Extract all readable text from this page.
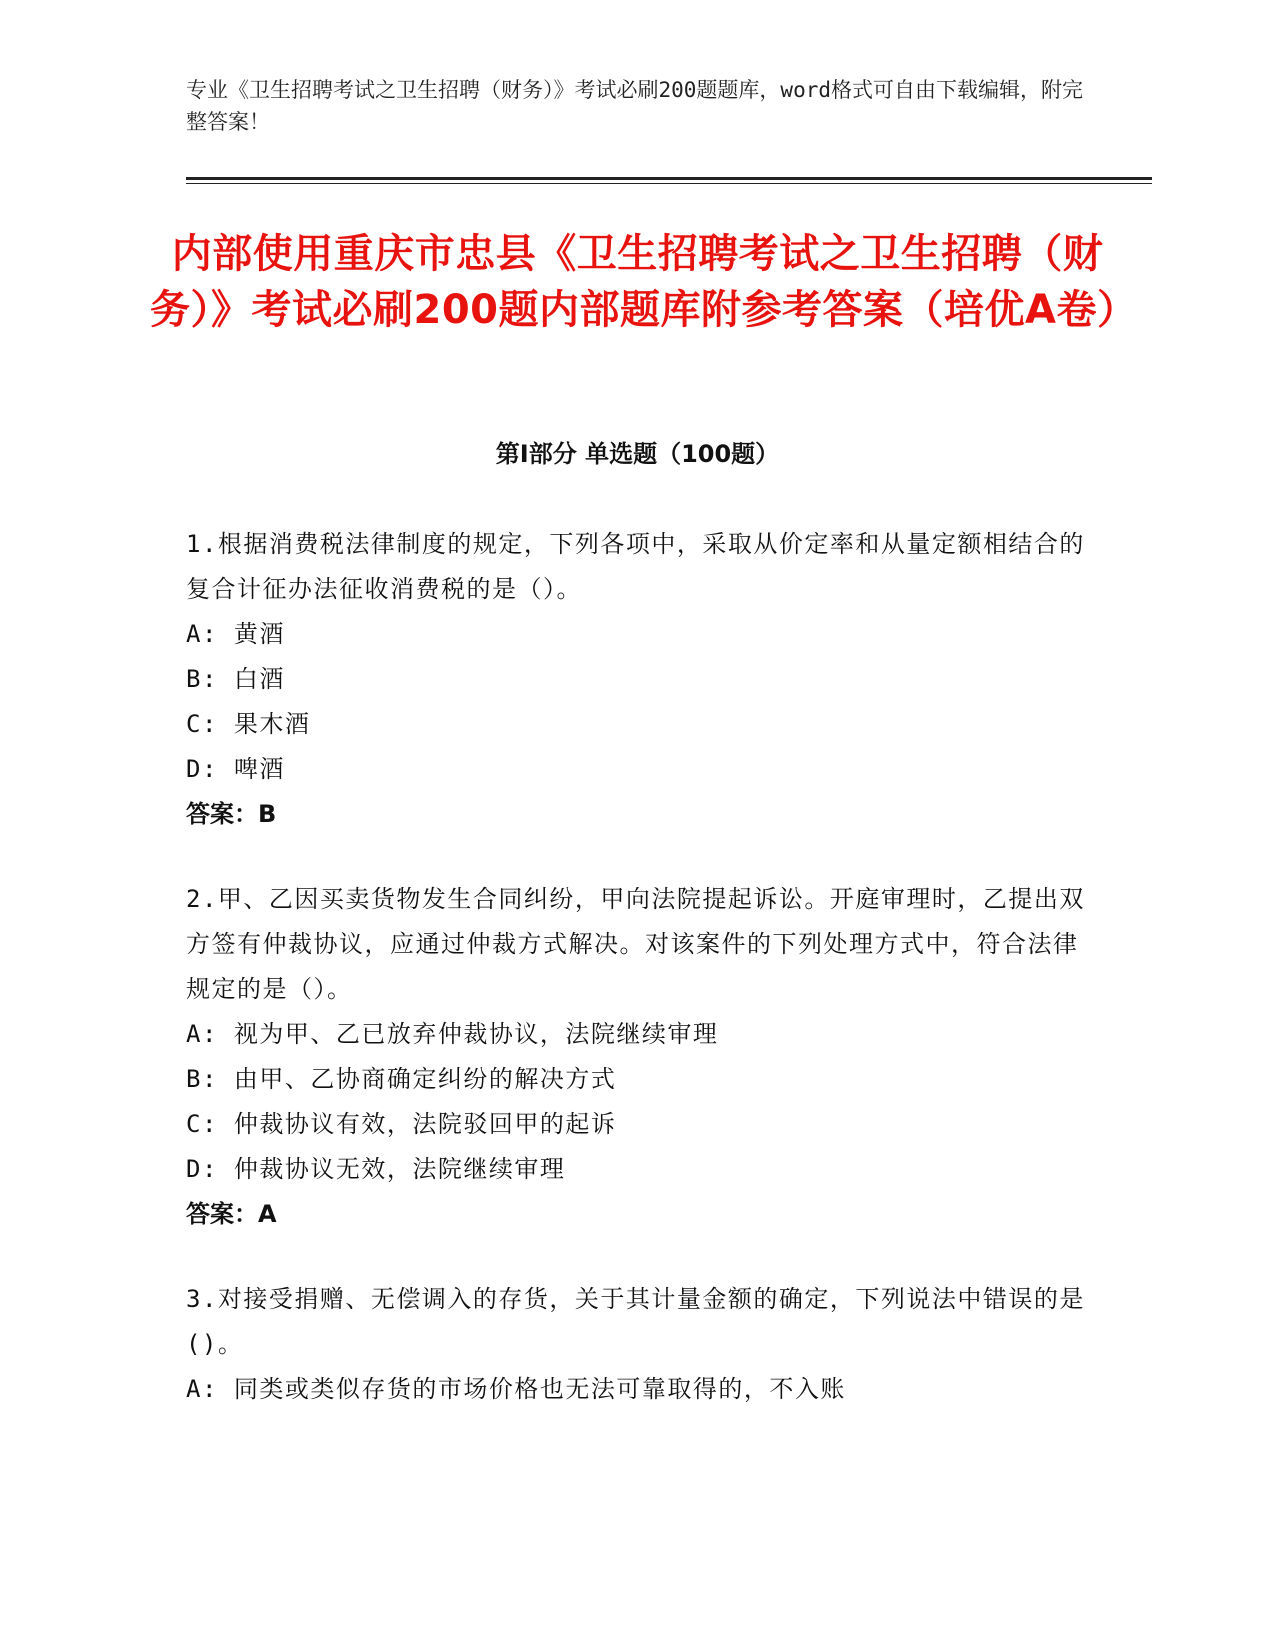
专业《卫生招聘考试之卫生招聘（财务）》考试必刷200题题库，word格式可自由下载编辑，附完整答案！
内部使用重庆市忠县《卫生招聘考试之卫生招聘（财务）》考试必刷200题内部题库附参考答案（培优A卷）
第I部分 单选题（100题）

1.根据消费税法律制度的规定，下列各项中，采取从价定率和从量定额相结合的复合计征办法征收消费税的是（）。

A: 黄酒

B: 白酒

C: 果木酒

D: 啤酒

答案：B

2.甲、乙因买卖货物发生合同纠纷，甲向法院提起诉讼。开庭审理时，乙提出双方签有仲裁协议，应通过仲裁方式解决。对该案件的下列处理方式中，符合法律规定的是（）。

A: 视为甲、乙已放弃仲裁协议，法院继续审理

B: 由甲、乙协商确定纠纷的解决方式

C: 仲裁协议有效，法院驳回甲的起诉

D: 仲裁协议无效，法院继续审理

答案：A

3.对接受捐赠、无偿调入的存货，关于其计量金额的确定，下列说法中错误的是()。

A: 同类或类似存货的市场价格也无法可靠取得的，不入账
